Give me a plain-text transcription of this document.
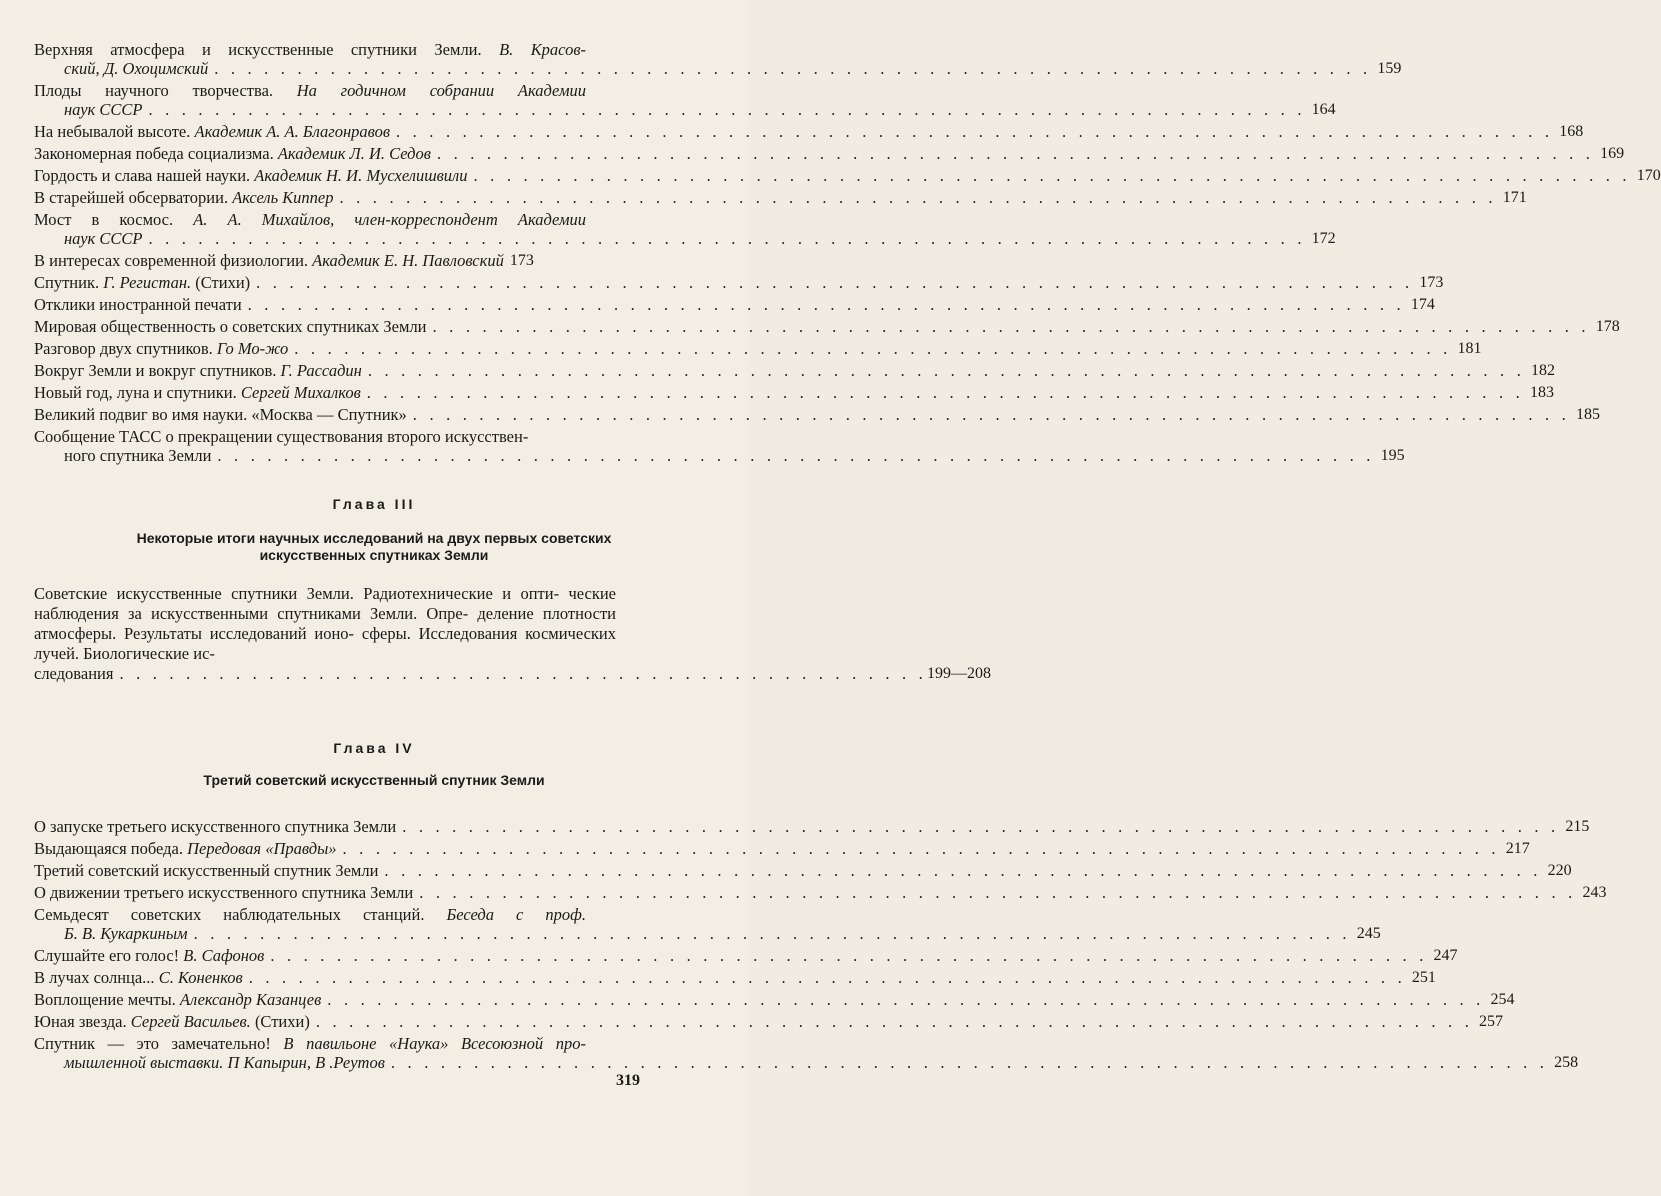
Верхняя атмосфера и искусственные спутники Земли. В. Красов-
ский, Д. Охоцимский . . .	159
Плоды научного творчества. На годичном собрании Академии
наук СССР . . .	164
На небывалой высоте. Академик А. А. Благонравов . . .	168
Закономерная победа социализма. Академик Л. И. Седов . . .	169
Гордость и слава нашей науки. Академик Н. И. Мусхелишвили . . .	170
В старейшей обсерватории. Аксель Киппер . . .	171
Мост в космос. А. А. Михайлов, член-корреспондент Академии
наук СССР . . .	172
В интересах современной физиологии. Академик Е. Н. Павловский 173
Спутник. Г. Регистан. (Стихи) . . .	173
Отклики иностранной печати . . .	174
Мировая общественность о советских спутниках Земли . . .	178
Разговор двух спутников. Го Мо-жо . . .	181
Вокруг Земли и вокруг спутников. Г. Рассадин . . .	182
Новый год, луна и спутники. Сергей Михалков . . .	183
Великий подвиг во имя науки. «Москва — Спутник» . . .	185
Сообщение ТАСС о прекращении существования второго искусствен-
ного спутника Земли . . .	195
Глава III
Некоторые итоги научных исследований на двух первых советских
искусственных спутниках Земли
Советские искусственные спутники Земли. Радиотехнические и опти- ческие наблюдения за искусственными спутниками Земли. Опре- деление плотности атмосферы. Результаты исследований ионо- сферы. Исследования космических лучей. Биологические ис-
следования . . .	199—208
Глава IV
Третий советский искусственный спутник Земли
О запуске третьего искусственного спутника Земли . . .	215
Выдающаяся победа. Передовая «Правды» . . .	217
Третий советский искусственный спутник Земли . . .	220
О движении третьего искусственного спутника Земли . . .	243
Семьдесят советских наблюдательных станций. Беседа с проф.
Б. В. Кукаркиным . . .	245
Слушайте его голос! В. Сафонов . . .	247
В лучах солнца... С. Коненков . . .	251
Воплощение мечты. Александр Казанцев . . .	254
Юная звезда. Сергей Васильев. (Стихи) . . .	257
Спутник — это замечательно! В павильоне «Наука» Всесоюзной про-
мышленной выставки. П Капырин, В .Реутов . . .	258
319
